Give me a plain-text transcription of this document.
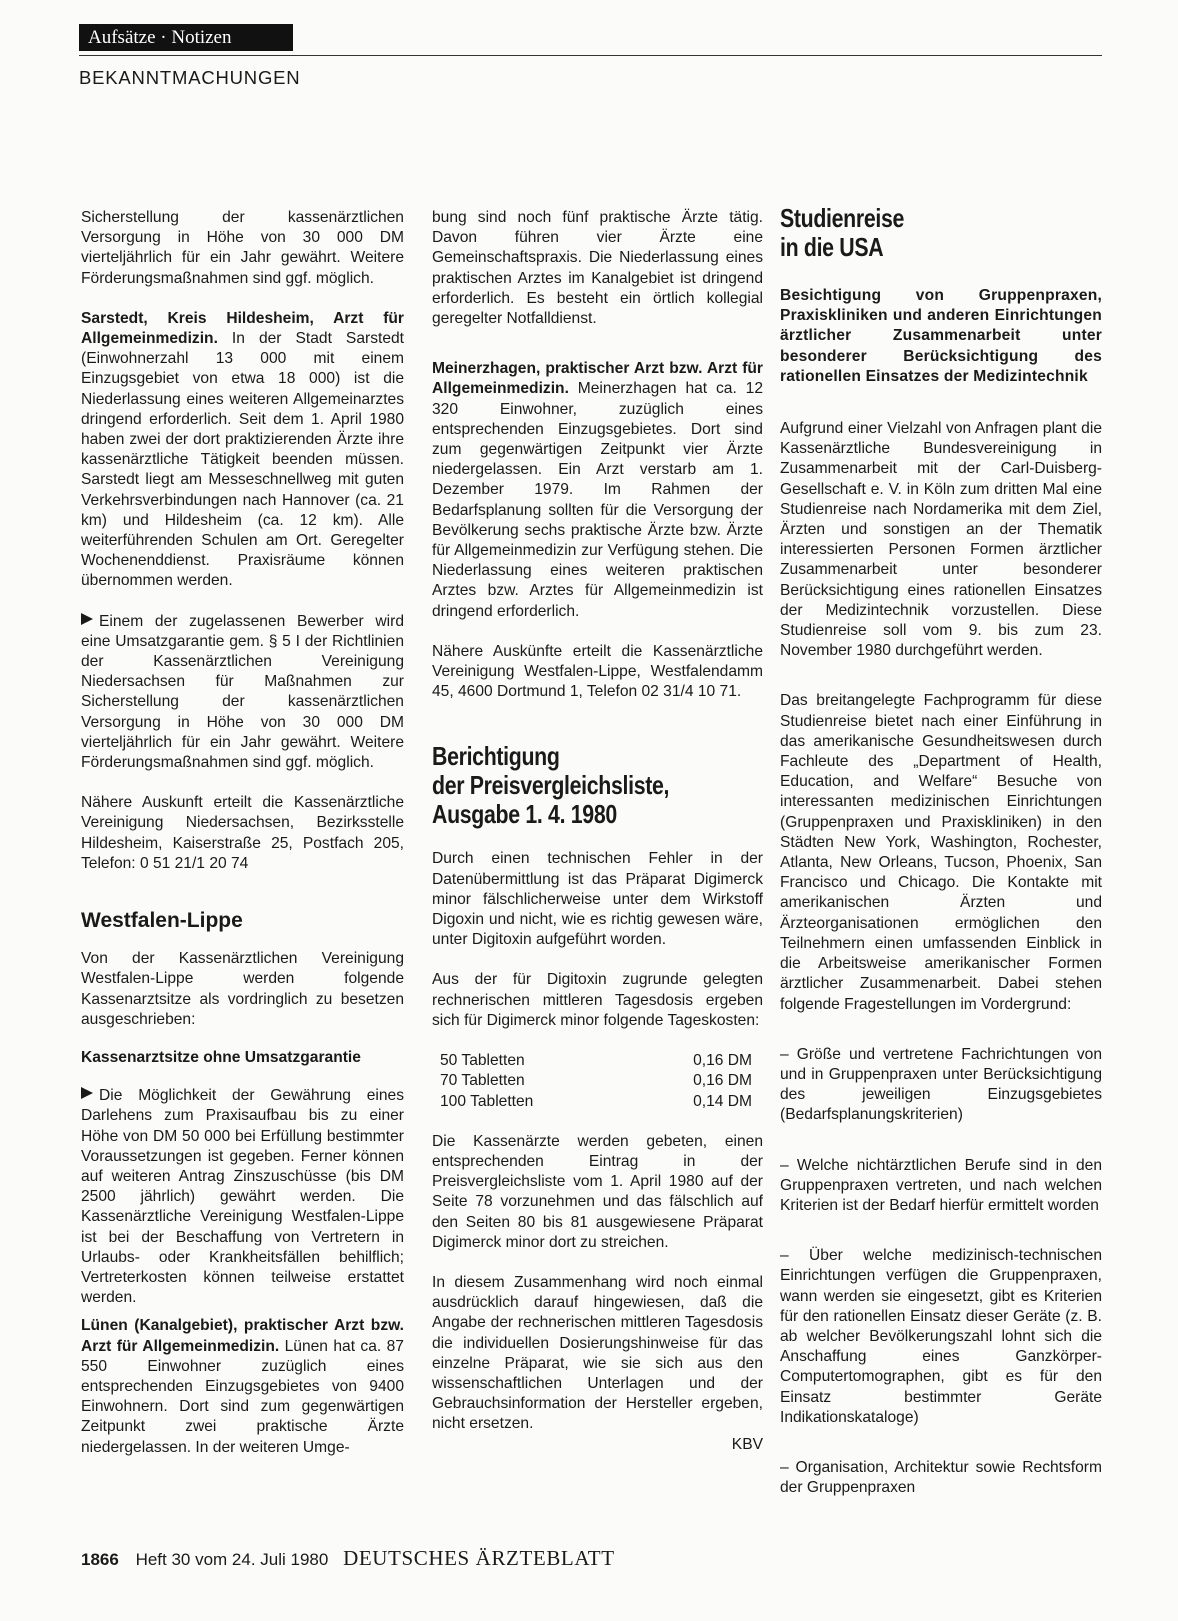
Aufsätze · Notizen
BEKANNTMACHUNGEN

Sicherstellung der kassenärztlichen Versorgung in Höhe von 30 000 DM vierteljährlich für ein Jahr gewährt. Weitere Förderungsmaßnahmen sind ggf. möglich.

Sarstedt, Kreis Hildesheim, Arzt für Allgemeinmedizin. In der Stadt Sarstedt (Einwohnerzahl 13 000 mit einem Einzugsgebiet von etwa 18 000) ist die Niederlassung eines weiteren Allgemeinarztes dringend erforderlich. Seit dem 1. April 1980 haben zwei der dort praktizierenden Ärzte ihre kassenärztliche Tätigkeit beenden müssen. Sarstedt liegt am Messeschnellweg mit guten Verkehrsverbindungen nach Hannover (ca. 21 km) und Hildesheim (ca. 12 km). Alle weiterführenden Schulen am Ort. Geregelter Wochenenddienst. Praxisräume können übernommen werden.

Einem der zugelassenen Bewerber wird eine Umsatzgarantie gem. § 5 I der Richtlinien der Kassenärztlichen Vereinigung Niedersachsen für Maßnahmen zur Sicherstellung der kassenärztlichen Versorgung in Höhe von 30 000 DM vierteljährlich für ein Jahr gewährt. Weitere Förderungsmaßnahmen sind ggf. möglich.

Nähere Auskunft erteilt die Kassenärztliche Vereinigung Niedersachsen, Bezirksstelle Hildesheim, Kaiserstraße 25, Postfach 205, Telefon: 0 51 21/1 20 74

Westfalen-Lippe

Von der Kassenärztlichen Vereinigung Westfalen-Lippe werden folgende Kassenarztsitze als vordringlich zu besetzen ausgeschrieben:

Kassenarztsitze ohne Umsatzgarantie

Die Möglichkeit der Gewährung eines Darlehens zum Praxisaufbau bis zu einer Höhe von DM 50 000 bei Erfüllung bestimmter Voraussetzungen ist gegeben. Ferner können auf weiteren Antrag Zinszuschüsse (bis DM 2500 jährlich) gewährt werden. Die Kassenärztliche Vereinigung Westfalen-Lippe ist bei der Beschaffung von Vertretern in Urlaubs- oder Krankheitsfällen behilflich; Vertreterkosten können teilweise erstattet werden.

Lünen (Kanalgebiet), praktischer Arzt bzw. Arzt für Allgemeinmedizin. Lünen hat ca. 87 550 Einwohner zuzüglich eines entsprechenden Einzugsgebietes von 9400 Einwohnern. Dort sind zum gegenwärtigen Zeitpunkt zwei praktische Ärzte niedergelassen. In der weiteren Umge-

bung sind noch fünf praktische Ärzte tätig. Davon führen vier Ärzte eine Gemeinschaftspraxis. Die Niederlassung eines praktischen Arztes im Kanalgebiet ist dringend erforderlich. Es besteht ein örtlich kollegial geregelter Notfalldienst.

Meinerzhagen, praktischer Arzt bzw. Arzt für Allgemeinmedizin. Meinerzhagen hat ca. 12 320 Einwohner, zuzüglich eines entsprechenden Einzugsgebietes. Dort sind zum gegenwärtigen Zeitpunkt vier Ärzte niedergelassen. Ein Arzt verstarb am 1. Dezember 1979. Im Rahmen der Bedarfsplanung sollten für die Versorgung der Bevölkerung sechs praktische Ärzte bzw. Ärzte für Allgemeinmedizin zur Verfügung stehen. Die Niederlassung eines weiteren praktischen Arztes bzw. Arztes für Allgemeinmedizin ist dringend erforderlich.

Nähere Auskünfte erteilt die Kassenärztliche Vereinigung Westfalen-Lippe, Westfalendamm 45, 4600 Dortmund 1, Telefon 02 31/4 10 71.

Berichtigung
der Preisvergleichsliste,
Ausgabe 1. 4. 1980

Durch einen technischen Fehler in der Datenübermittlung ist das Präparat Digimerck minor fälschlicherweise unter dem Wirkstoff Digoxin und nicht, wie es richtig gewesen wäre, unter Digitoxin aufgeführt worden.

Aus der für Digitoxin zugrunde gelegten rechnerischen mittleren Tagesdosis ergeben sich für Digimerck minor folgende Tageskosten:

50 Tabletten	0,16 DM
70 Tabletten	0,16 DM
100 Tabletten	0,14 DM

Die Kassenärzte werden gebeten, einen entsprechenden Eintrag in der Preisvergleichsliste vom 1. April 1980 auf der Seite 78 vorzunehmen und das fälschlich auf den Seiten 80 bis 81 ausgewiesene Präparat Digimerck minor dort zu streichen.

In diesem Zusammenhang wird noch einmal ausdrücklich darauf hingewiesen, daß die Angabe der rechnerischen mittleren Tagesdosis die individuellen Dosierungshinweise für das einzelne Präparat, wie sie sich aus den wissenschaftlichen Unterlagen und der Gebrauchsinformation der Hersteller ergeben, nicht ersetzen.

KBV
Studienreise
in die USA

Besichtigung von Gruppenpraxen, Praxiskliniken und anderen Einrichtungen ärztlicher Zusammenarbeit unter besonderer Berücksichtigung des rationellen Einsatzes der Medizintechnik

Aufgrund einer Vielzahl von Anfragen plant die Kassenärztliche Bundesvereinigung in Zusammenarbeit mit der Carl-Duisberg-Gesellschaft e. V. in Köln zum dritten Mal eine Studienreise nach Nordamerika mit dem Ziel, Ärzten und sonstigen an der Thematik interessierten Personen Formen ärztlicher Zusammenarbeit unter besonderer Berücksichtigung eines rationellen Einsatzes der Medizintechnik vorzustellen. Diese Studienreise soll vom 9. bis zum 23. November 1980 durchgeführt werden.

Das breitangelegte Fachprogramm für diese Studienreise bietet nach einer Einführung in das amerikanische Gesundheitswesen durch Fachleute des „Department of Health, Education, and Welfare“ Besuche von interessanten medizinischen Einrichtungen (Gruppenpraxen und Praxiskliniken) in den Städten New York, Washington, Rochester, Atlanta, New Orleans, Tucson, Phoenix, San Francisco und Chicago. Die Kontakte mit amerikanischen Ärzten und Ärzteorganisationen ermöglichen den Teilnehmern einen umfassenden Einblick in die Arbeitsweise amerikanischer Formen ärztlicher Zusammenarbeit. Dabei stehen folgende Fragestellungen im Vordergrund:

– Größe und vertretene Fachrichtungen von und in Gruppenpraxen unter Berücksichtigung des jeweiligen Einzugsgebietes (Bedarfsplanungskriterien)

– Welche nichtärztlichen Berufe sind in den Gruppenpraxen vertreten, und nach welchen Kriterien ist der Bedarf hierfür ermittelt worden

– Über welche medizinisch-technischen Einrichtungen verfügen die Gruppenpraxen, wann werden sie eingesetzt, gibt es Kriterien für den rationellen Einsatz dieser Geräte (z. B. ab welcher Bevölkerungszahl lohnt sich die Anschaffung eines Ganzkörper-Computertomographen, gibt es für den Einsatz bestimmter Geräte Indikationskataloge)

– Organisation, Architektur sowie Rechtsform der Gruppenpraxen

1866 Heft 30 vom 24. Juli 1980 DEUTSCHES ÄRZTEBLATT
